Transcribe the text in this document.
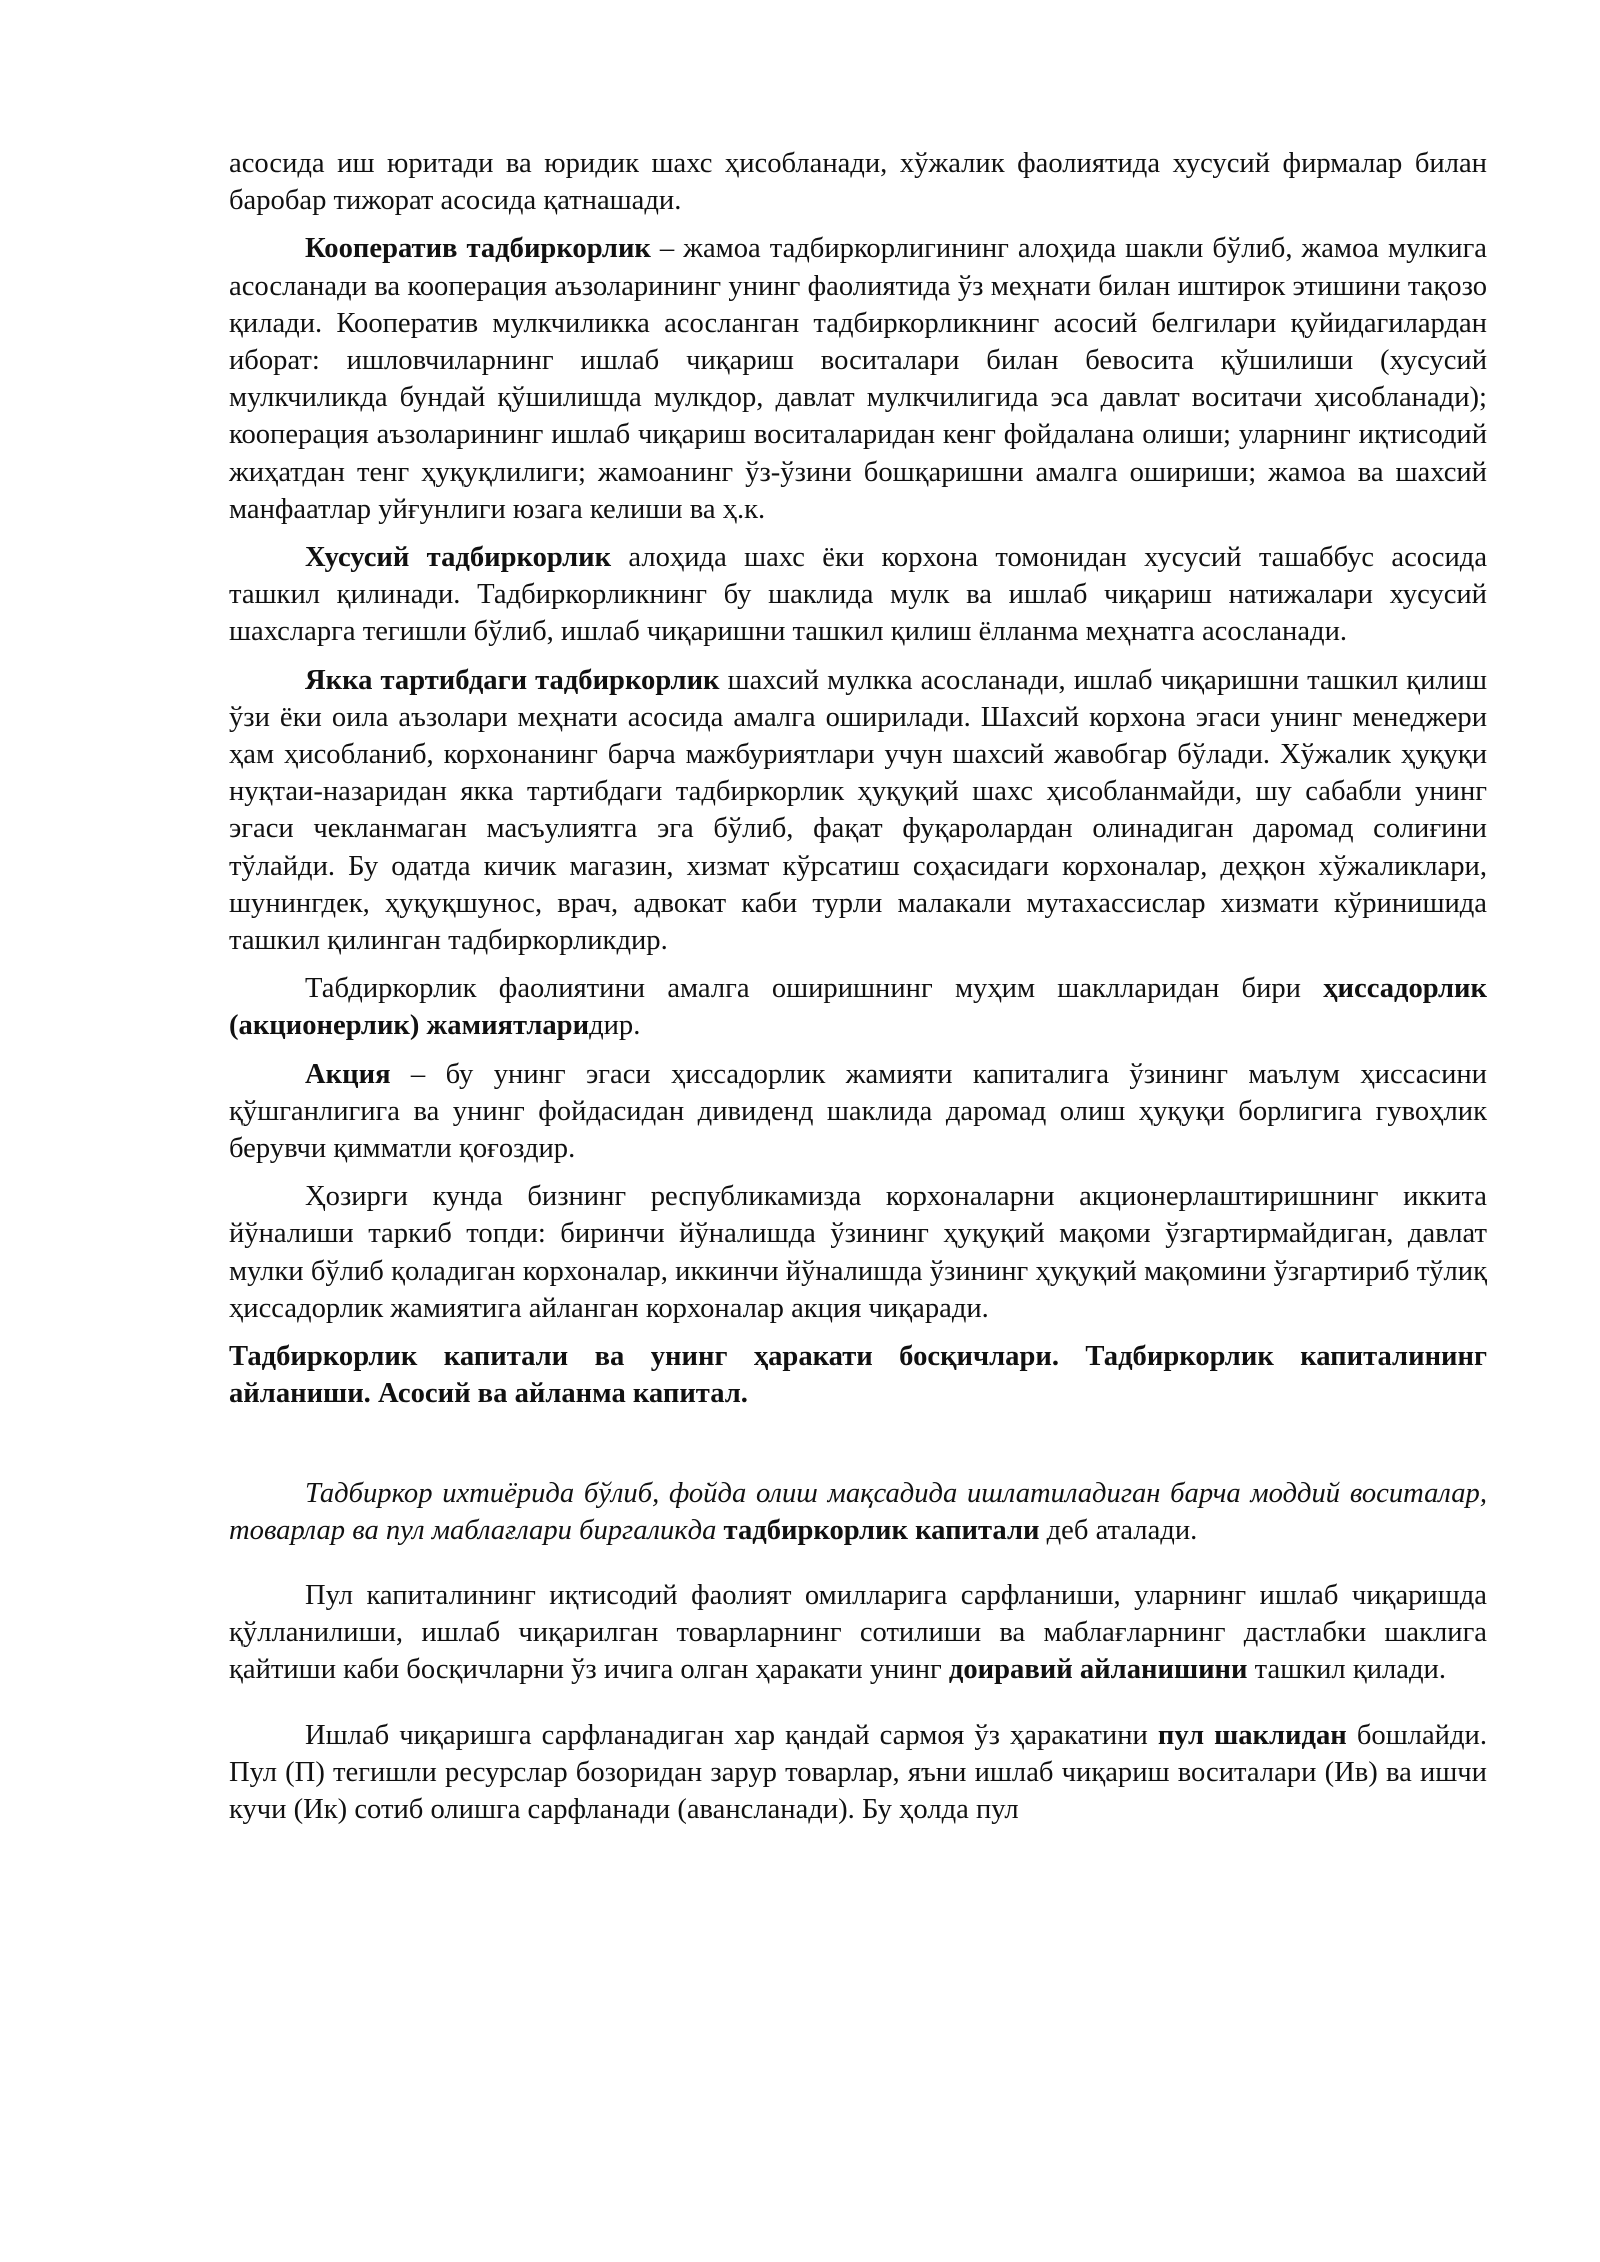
асосида иш юритади ва юридик шахс ҳисобланади, хўжалик фаолиятида хусусий фирмалар билан баробар тижорат асосида қатнашади.

Кооператив тадбиркорлик – жамоа тадбиркорлигининг алоҳида шакли бўлиб, жамоа мулкига асосланади ва кооперация аъзоларининг унинг фаолиятида ўз меҳнати билан иштирок этишини тақозо қилади. Кооператив мулкчиликка асосланган тадбиркорликнинг асосий белгилари қуйидагилардан иборат: ишловчиларнинг ишлаб чиқариш воситалари билан бевосита қўшилиши (хусусий мулкчиликда бундай қўшилишда мулкдор, давлат мулкчилигида эса давлат воситачи ҳисобланади); кооперация аъзоларининг ишлаб чиқариш воситаларидан кенг фойдалана олиши; уларнинг иқтисодий жиҳатдан тенг ҳуқуқлилиги; жамоанинг ўз-ўзини бошқаришни амалга ошириши; жамоа ва шахсий манфаатлар уйғунлиги юзага келиши ва ҳ.к.

Хусусий тадбиркорлик алоҳида шахс ёки корхона томонидан хусусий ташаббус асосида ташкил қилинади. Тадбиркорликнинг бу шаклида мулк ва ишлаб чиқариш натижалари хусусий шахсларга тегишли бўлиб, ишлаб чиқаришни ташкил қилиш ёлланма меҳнатга асосланади.

Якка тартибдаги тадбиркорлик шахсий мулкка асосланади, ишлаб чиқаришни ташкил қилиш ўзи ёки оила аъзолари меҳнати асосида амалга оширилади. Шахсий корхона эгаси унинг менеджери ҳам ҳисобланиб, корхонанинг барча мажбуриятлари учун шахсий жавобгар бўлади. Хўжалик ҳуқуқи нуқтаи-назаридан якка тартибдаги тадбиркорлик ҳуқуқий шахс ҳисобланмайди, шу сабабли унинг эгаси чекланмаган масъулиятга эга бўлиб, фақат фуқаролардан олинадиган даромад солиғини тўлайди. Бу одатда кичик магазин, хизмат кўрсатиш соҳасидаги корхоналар, деҳқон хўжаликлари, шунингдек, ҳуқуқшунос, врач, адвокат каби турли малакали мутахассислар хизмати кўринишида ташкил қилинган тадбиркорликдир.

Табдиркорлик фаолиятини амалга оширишнинг муҳим шаклларидан бири ҳиссадорлик (акционерлик) жамиятларидир.

Акция – бу унинг эгаси ҳиссадорлик жамияти капиталига ўзининг маълум ҳиссасини қўшганлигига ва унинг фойдасидан дивиденд шаклида даромад олиш ҳуқуқи борлигига гувоҳлик берувчи қимматли қоғоздир.

Ҳозирги кунда бизнинг республикамизда корхоналарни акционерлаштиришнинг иккита йўналиши таркиб топди: биринчи йўналишда ўзининг ҳуқуқий мақоми ўзгартирмайдиган, давлат мулки бўлиб қоладиган корхоналар, иккинчи йўналишда ўзининг ҳуқуқий мақомини ўзгартириб тўлиқ ҳиссадорлик жамиятига айланган корхоналар акция чиқаради.

Тадбиркорлик капитали ва унинг ҳаракати босқичлари. Тадбиркорлик капиталининг айланиши. Асосий ва айланма капитал.

Тадбиркор ихтиёрида бўлиб, фойда олиш мақсадида ишлатиладиган барча моддий воситалар, товарлар ва пул маблағлари биргаликда тадбиркорлик капитали деб аталади.

Пул капиталининг иқтисодий фаолият омилларига сарфланиши, уларнинг ишлаб чиқаришда қўлланилиши, ишлаб чиқарилган товарларнинг сотилиши ва маблағларнинг дастлабки шаклига қайтиши каби босқичларни ўз ичига олган ҳаракати унинг доиравий айланишини ташкил қилади.

Ишлаб чиқаришга сарфланадиган хар қандай сармоя ўз ҳаракатини пул шаклидан бошлайди. Пул (П) тегишли ресурслар бозоридан зарур товарлар, яъни ишлаб чиқариш воситалари (Ив) ва ишчи кучи (Ик) сотиб олишга сарфланади (авансланади). Бу ҳолда пул
